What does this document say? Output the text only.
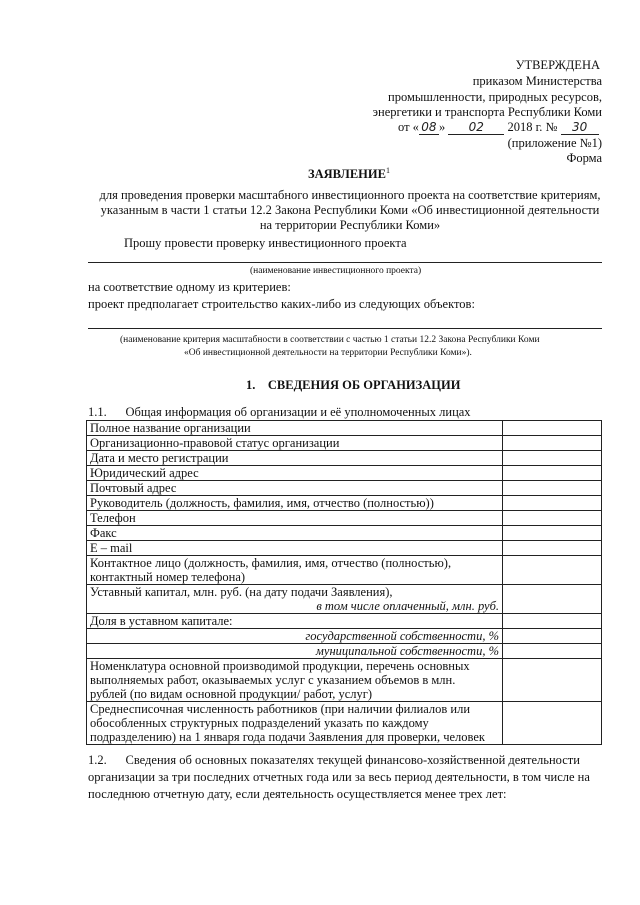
УТВЕРЖДЕНА
приказом Министерства
промышленности, природных ресурсов,
энергетики и транспорта Республики Коми
от « 08 » 02 2018 г. № 30
(приложение №1)
Форма
ЗАЯВЛЕНИЕ$^1$
для проведения проверки масштабного инвестиционного проекта на соответствие критериям,
указанным в части 1 статьи 12.2 Закона Республики Коми «Об инвестиционной деятельности
на территории Республики Коми»
Прошу провести проверку инвестиционного проекта
(наименование инвестиционного проекта)
на соответствие одному из критериев:
проект предполагает строительство каких-либо из следующих объектов:
(наименование критерия масштабности в соответствии с частью 1 статьи 12.2 Закона Республики Коми
«Об инвестиционной деятельности на территории Республики Коми»).
1. СВЕДЕНИЯ ОБ ОРГАНИЗАЦИИ
1.1. Общая информация об организации и её уполномоченных лицах
Полное название организации	
Организационно-правовой статус организации	
Дата и место регистрации	
Юридический адрес	
Почтовый адрес	
Руководитель (должность, фамилия, имя, отчество (полностью))	
Телефон	
Факс	
E – mail	

Контактное лицо (должность, фамилия, имя, отчество (полностью),
контактный номер телефона)	

Уставный капитал, млн. руб. (на дату подачи Заявления),
в том числе оплаченный, млн. руб.	

Доля в уставном капитале:	
государственной собственности, %	
муниципальной собственности, %	

Номенклатура основной производимой продукции, перечень основных
выполняемых работ, оказываемых услуг с указанием объемов в млн.
рублей (по видам основной продукции/ работ, услуг)	

Среднесписочная численность работников (при наличии филиалов или
обособленных структурных подразделений указать по каждому
подразделению) на 1 января года подачи Заявления для проверки, человек	

1.2. Сведения об основных показателях текущей финансово-хозяйственной деятельности
организации за три последних отчетных года или за весь период деятельности, в том числе на
последнюю отчетную дату, если деятельность осуществляется менее трех лет:
